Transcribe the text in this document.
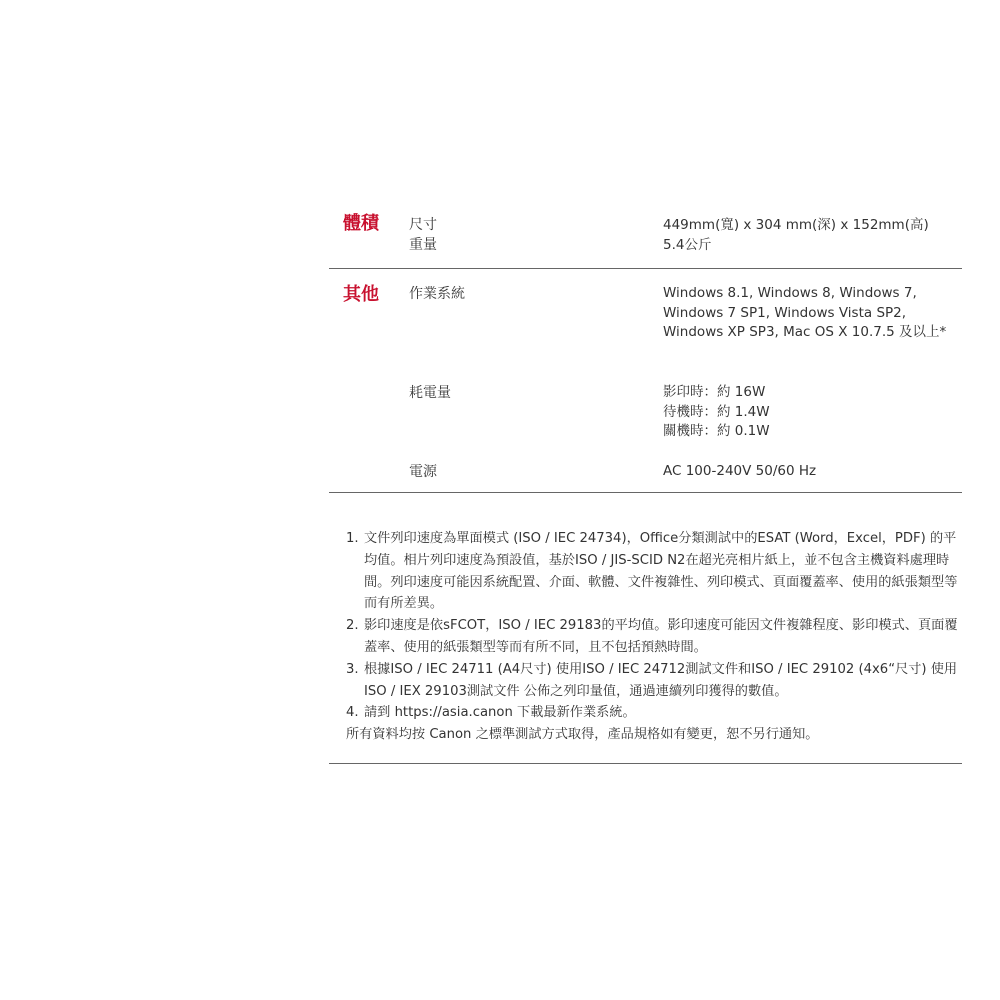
體積 尺寸	449mm(寬) x 304 mm(深) x 152mm(高)
重量	5.4公斤
其他 作業系統	Windows 8.1, Windows 8, Windows 7,
Windows 7 SP1, Windows Vista SP2,
Windows XP SP3, Mac OS X 10.7.5 及以上*
耗電量	影印時：約 16W
待機時：約 1.4W
關機時：約 0.1W
電源	AC 100-240V 50/60 Hz

1. 文件列印速度為單面模式 (ISO / IEC 24734)，Office分類測試中的ESAT (Word，Excel，PDF) 的平均值。相片列印速度為預設值，基於ISO / JIS-SCID N2在超光亮相片紙上，並不包含主機資料處理時間。列印速度可能因系統配置、介面、軟體、文件複雜性、列印模式、頁面覆蓋率、使用的紙張類型等而有所差異。

2. 影印速度是依sFCOT，ISO / IEC 29183的平均值。影印速度可能因文件複雜程度、影印模式、頁面覆蓋率、使用的紙張類型等而有所不同，且不包括預熱時間。

3. 根據ISO / IEC 24711 (A4尺寸) 使用ISO / IEC 24712測試文件和ISO / IEC 29102 (4x6“尺寸) 使用ISO / IEX 29103測試文件 公佈之列印量值，通過連續列印獲得的數值。

4. 請到 https://asia.canon 下載最新作業系統。

所有資料均按 Canon 之標準測試方式取得，產品規格如有變更，恕不另行通知。
